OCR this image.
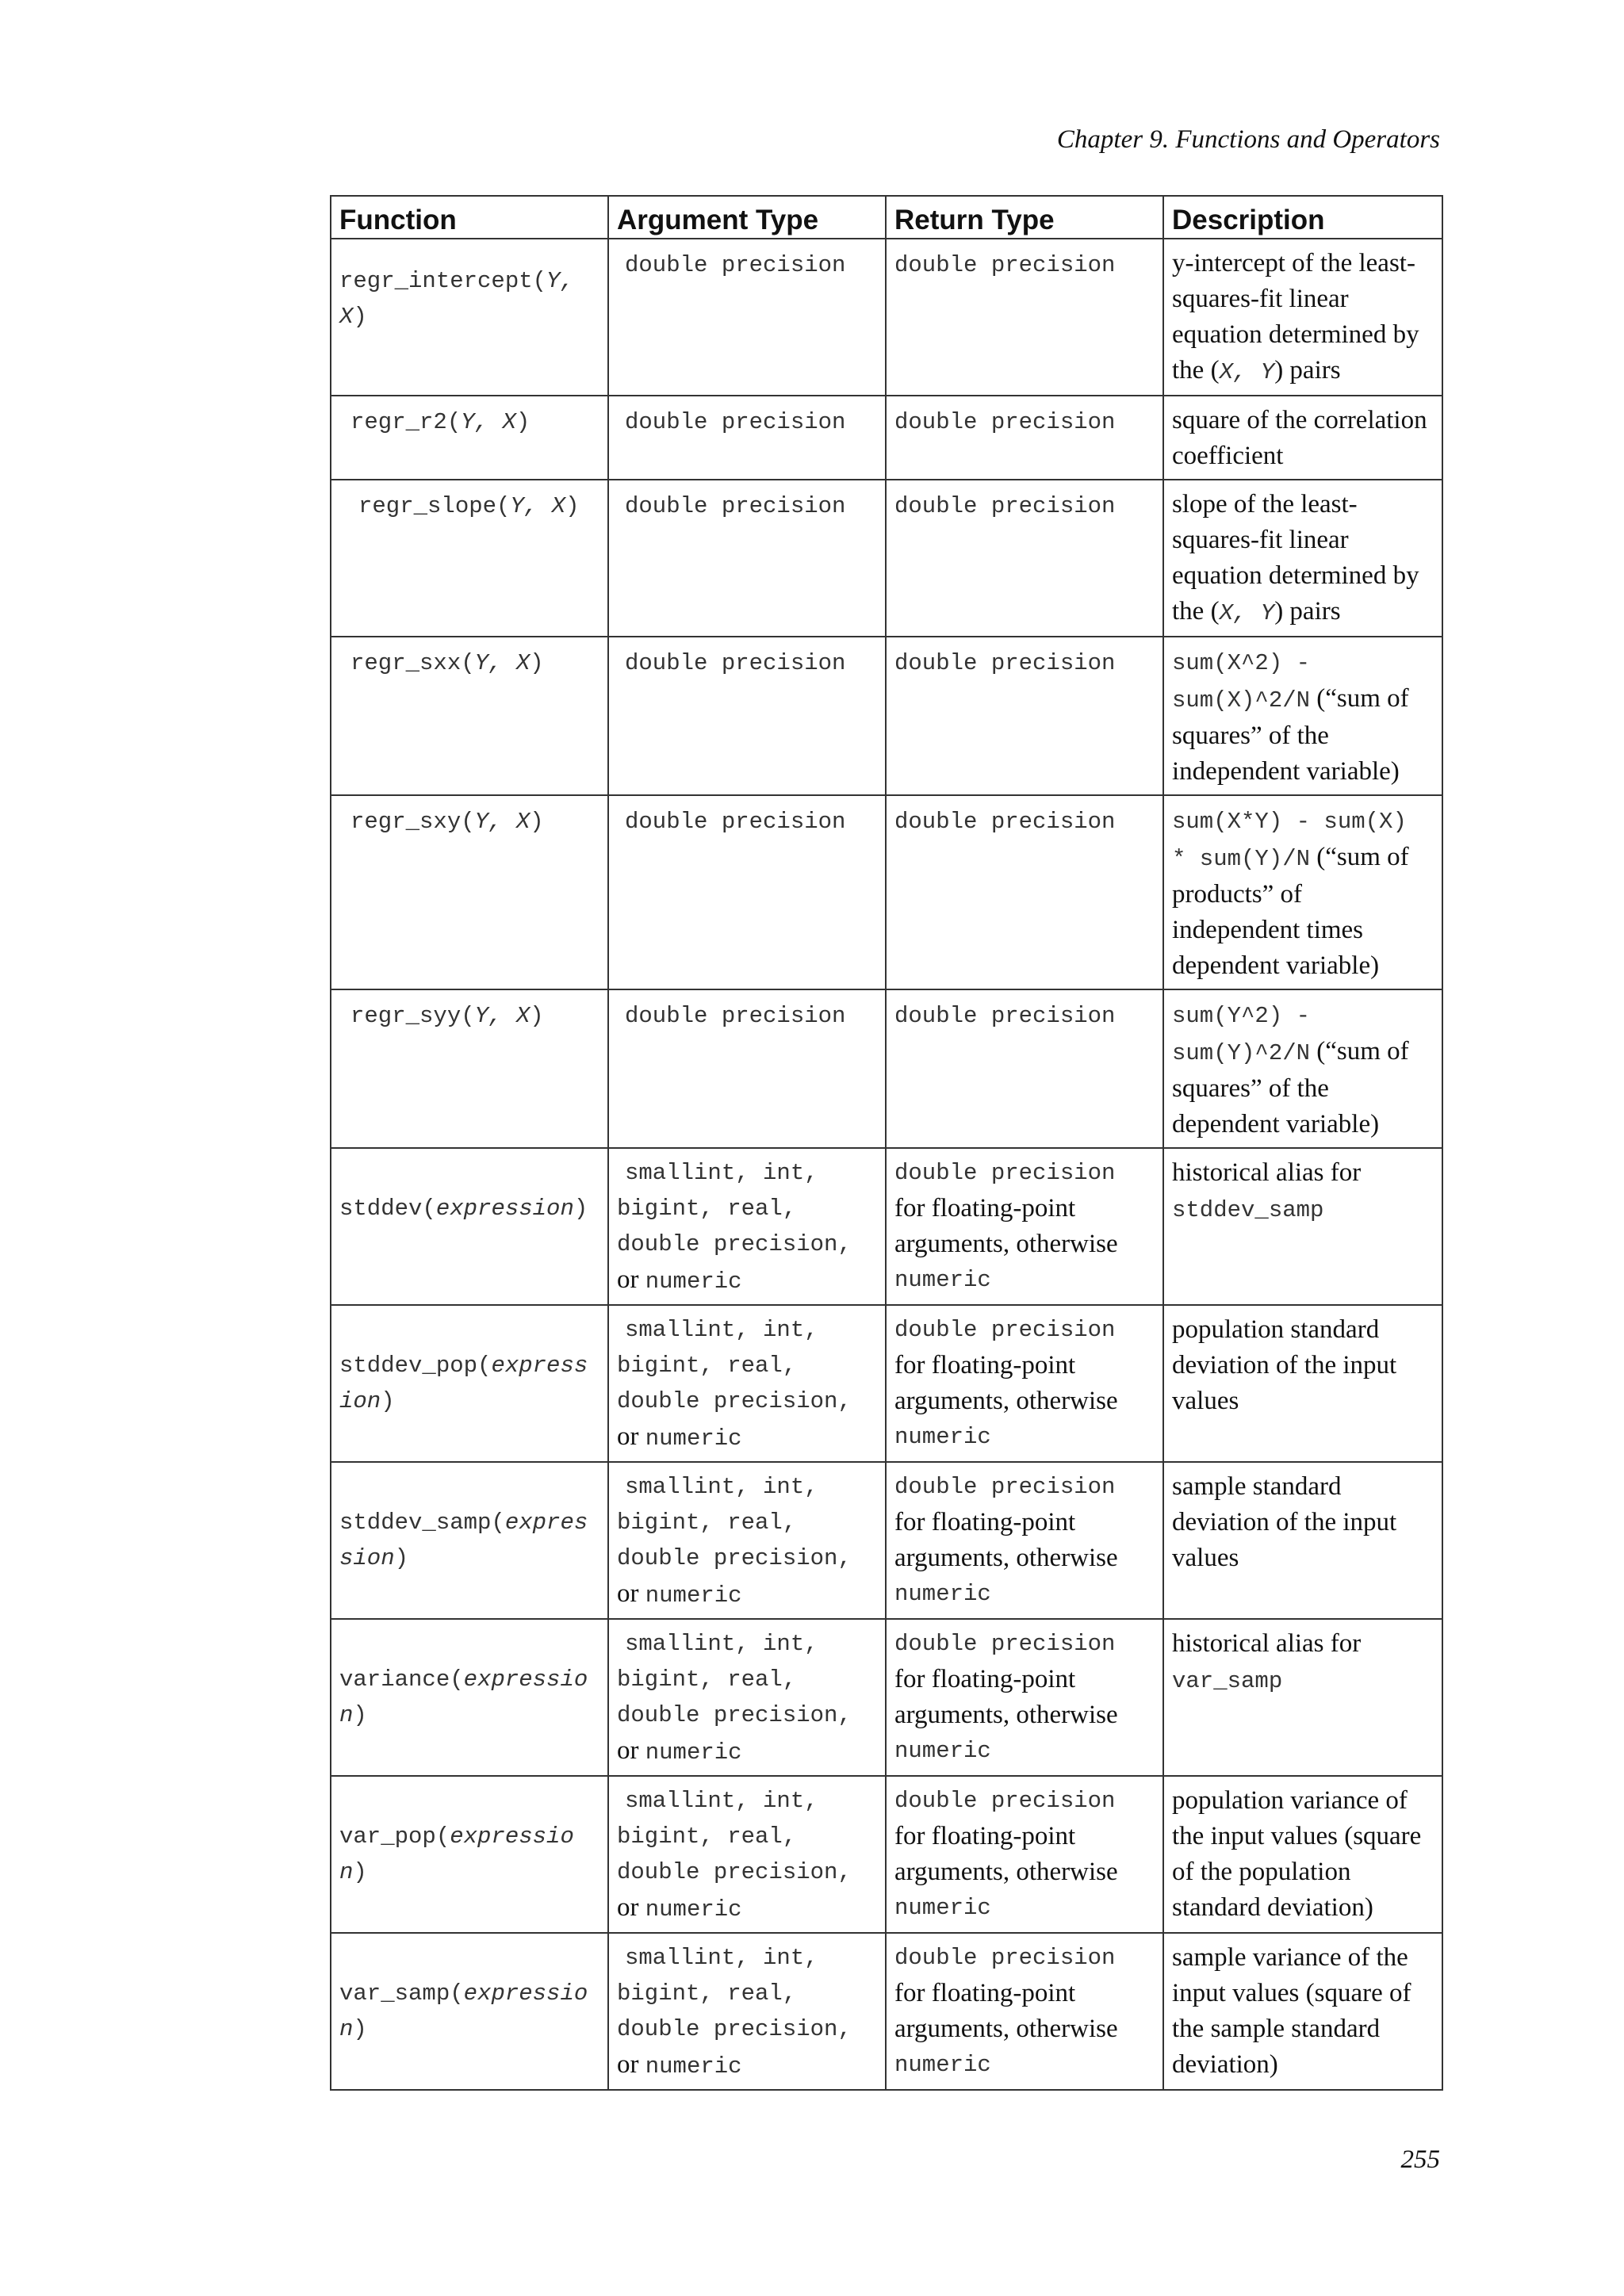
Chapter 9. Functions and Operators
Function	Argument Type	Return Type	Description

regr_intercept(Y, X)	double precision	double precision	y-intercept of the least-squares-fit linear equation determined by the (X, Y) pairs

regr_r2(Y, X)	double precision	double precision	square of the correlation coefficient

regr_slope(Y, X)	double precision	double precision	slope of the least-squares-fit linear equation determined by the (X, Y) pairs

regr_sxx(Y, X)	double precision	double precision	sum(X^2) - sum(X)^2/N (“sum of squares” of the independent variable)

regr_sxy(Y, X)	double precision	double precision	sum(X*Y) - sum(X) * sum(Y)/N (“sum of products” of independent times dependent variable)

regr_syy(Y, X)	double precision	double precision	sum(Y^2) - sum(Y)^2/N (“sum of squares” of the dependent variable)

stddev(expression)	smallint, int,
bigint, real,
double precision,
or numeric	double precision
for floating-point arguments, otherwise
numeric	historical alias for stddev_samp

stddev_pop(expression)	smallint, int,
bigint, real,
double precision,
or numeric	double precision
for floating-point arguments, otherwise
numeric	population standard deviation of the input values

stddev_samp(expression)	smallint, int,
bigint, real,
double precision,
or numeric	double precision
for floating-point arguments, otherwise
numeric	sample standard deviation of the input values

variance(expression)	smallint, int,
bigint, real,
double precision,
or numeric	double precision
for floating-point arguments, otherwise
numeric	historical alias for var_samp

var_pop(expression)	smallint, int,
bigint, real,
double precision,
or numeric	double precision
for floating-point arguments, otherwise
numeric	population variance of the input values (square of the population standard deviation)

var_samp(expression)	smallint, int,
bigint, real,
double precision,
or numeric	double precision
for floating-point arguments, otherwise
numeric	sample variance of the input values (square of the sample standard deviation)
255
